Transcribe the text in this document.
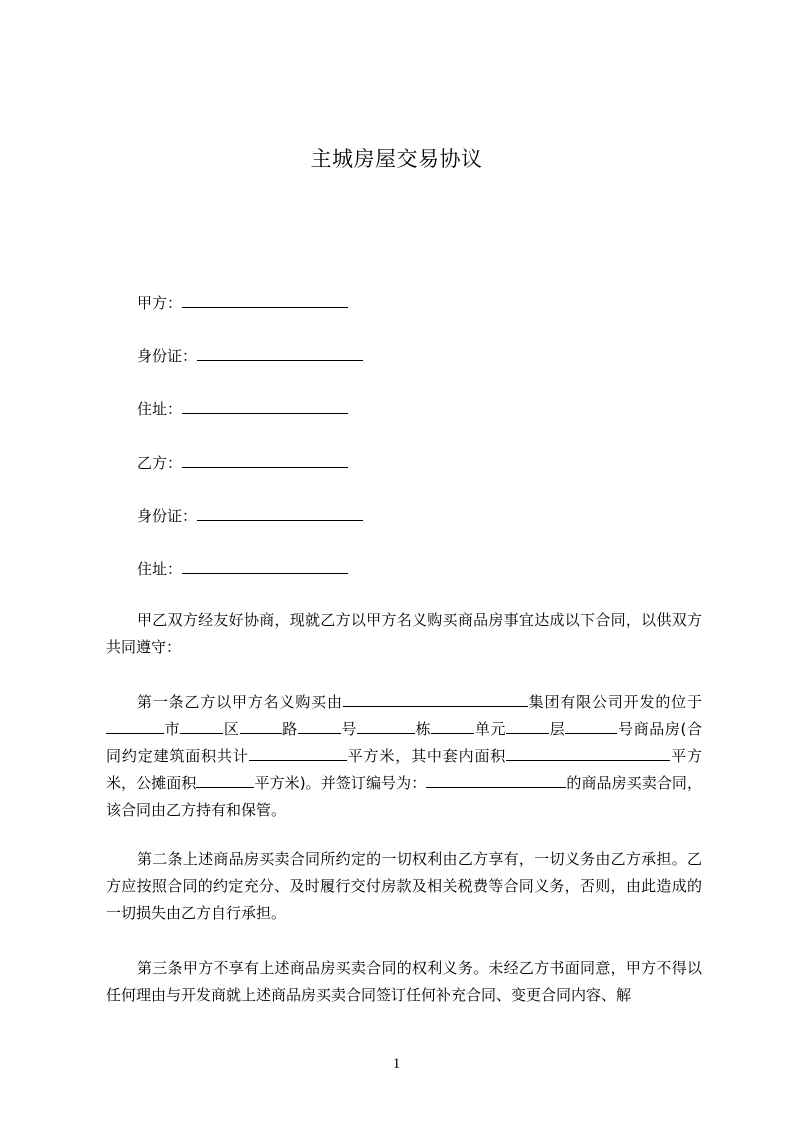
主城房屋交易协议
甲方：
身份证：
住址：
乙方：
身份证：
住址：
甲乙双方经友好协商，现就乙方以甲方名义购买商品房事宜达成以下合同，以供双方共同遵守：
第一条乙方以甲方名义购买由	集团有限公司开发的位于市	区	路	号	栋	单元	层	号商品房(合同约定建筑面积共计	平方米，其中套内面积	平方米，公摊面积	平方米)。并签订编号为：	的商品房买卖合同，该合同由乙方持有和保管。
第二条上述商品房买卖合同所约定的一切权利由乙方享有，一切义务由乙方承担。乙方应按照合同的约定充分、及时履行交付房款及相关税费等合同义务，否则，由此造成的一切损失由乙方自行承担。
第三条甲方不享有上述商品房买卖合同的权利义务。未经乙方书面同意，甲方不得以任何理由与开发商就上述商品房买卖合同签订任何补充合同、变更合同内容、解
1
